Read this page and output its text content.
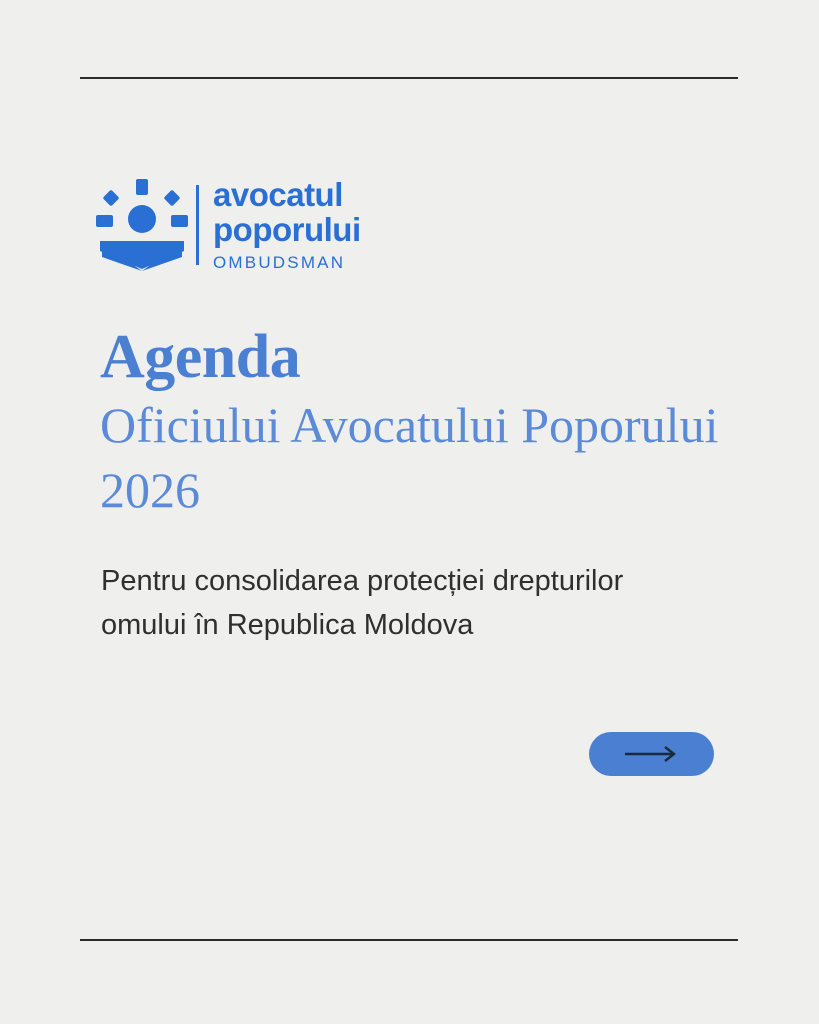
avocatul
poporului
OMBUDSMAN
Agenda
Oficiului Avocatului Poporului
2026
Pentru consolidarea protecției drepturilor omului în Republica Moldova
